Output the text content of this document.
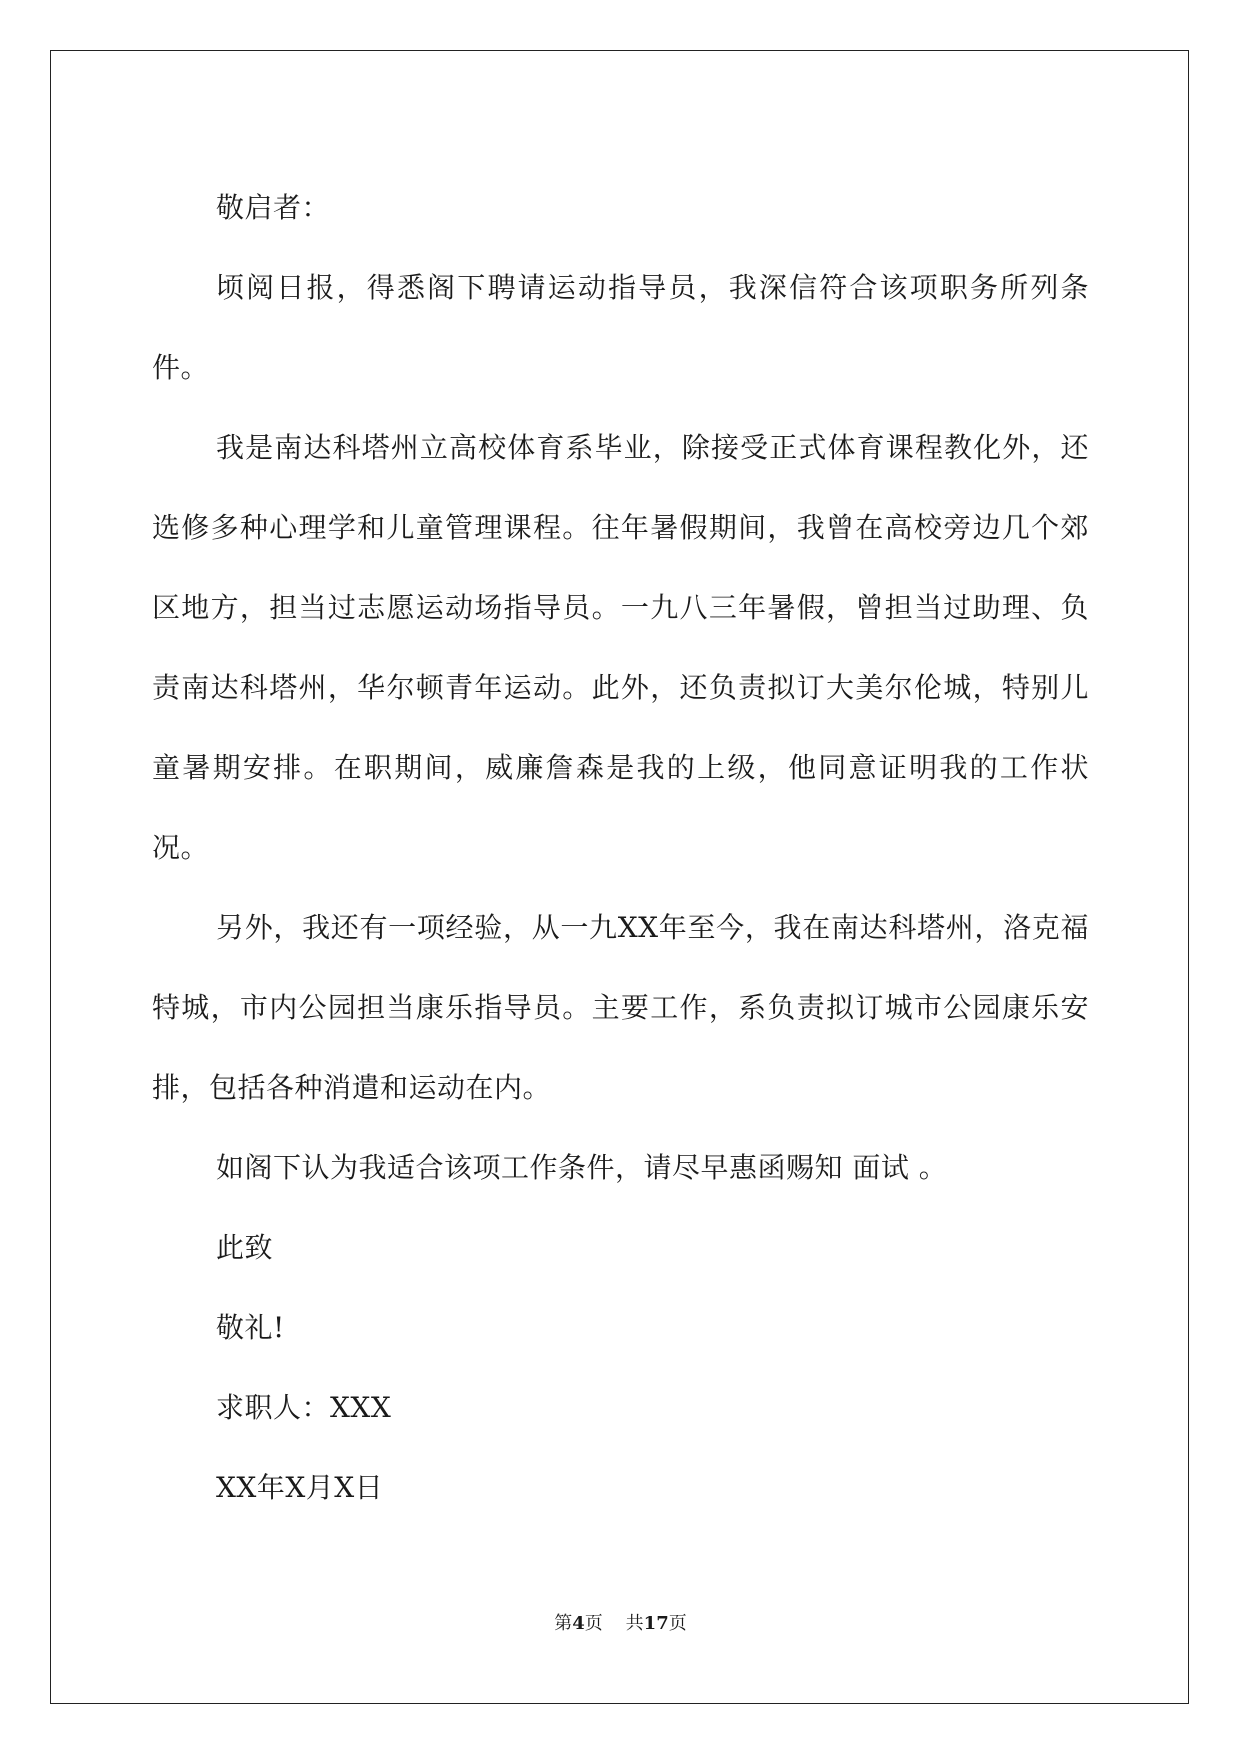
敬启者：

顷阅日报，得悉阁下聘请运动指导员，我深信符合该项职务所列条件。

我是南达科塔州立高校体育系毕业，除接受正式体育课程教化外，还选修多种心理学和儿童管理课程。往年暑假期间，我曾在高校旁边几个郊区地方，担当过志愿运动场指导员。一九八三年暑假，曾担当过助理、负责南达科塔州，华尔顿青年运动。此外，还负责拟订大美尔伦城，特别儿童暑期安排。在职期间，威廉詹森是我的上级，他同意证明我的工作状况。

另外，我还有一项经验，从一九XX年至今，我在南达科塔州，洛克福特城，市内公园担当康乐指导员。主要工作，系负责拟订城市公园康乐安排，包括各种消遣和运动在内。

如阁下认为我适合该项工作条件，请尽早惠函赐知 面试 。

此致

敬礼!

求职人：XXX

XX年X月X日

第4页    共17页
